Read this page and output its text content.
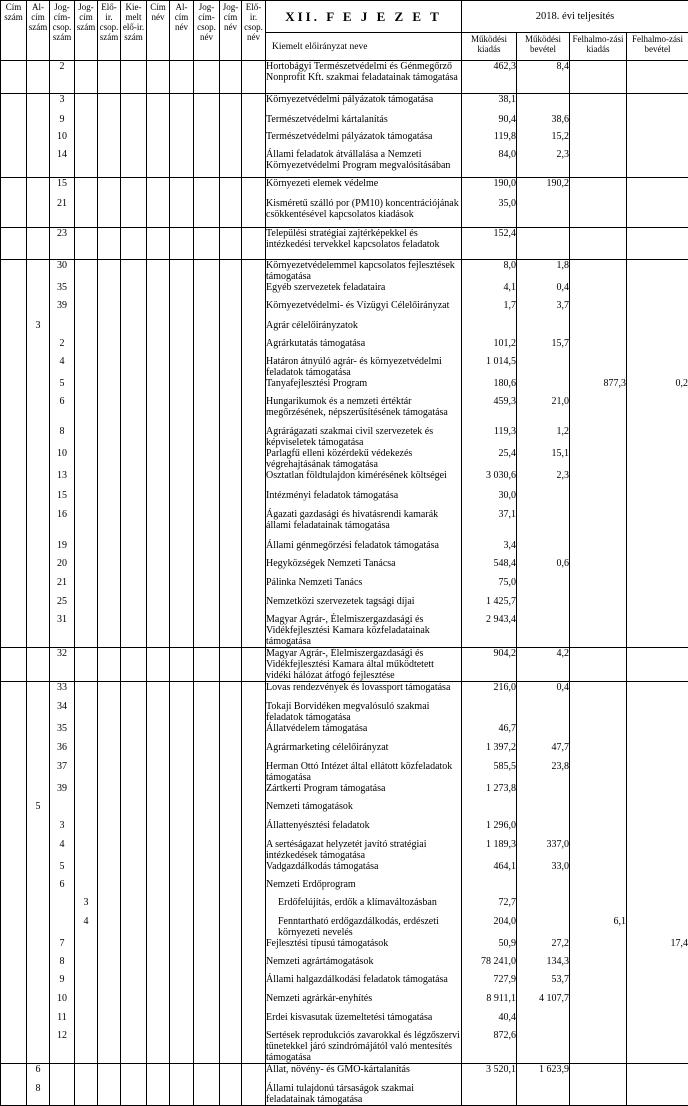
Cím szám	Al-cím szám	Jog-cím-csop. szám	Jog-cím szám	Elő-ir. csop. szám	Kie-melt elő-ir. szám	Cím név	Al-cím név	Jog-cím-csop. név	Jog-cím név	Elő-ir. csop. név	XII. F E J E Z E T	2018. évi teljesítés			
											Kiemelt előirányzat neve	Működési kiadás	Működési bevétel	Felhalmo-zási kiadás	Felhalmo-zási bevétel
		2									Hortobágyi Természetvédelmi és Génmegőrző Nonprofit Kft. szakmai feladatainak támogatása	462,3	8,4		
		3									Környezetvédelmi pályázatok támogatása	38,1			
		9									Természetvédelmi kártalanítás	90,4	38,6		
		10									Természetvédelmi pályázatok támogatása	119,8	15,2		
		14									Állami feladatok átvállalása a Nemzeti Környezetvédelmi Program megvalósításában	84,0	2,3		
		15									Környezeti elemek védelme	190,0	190,2		
		21									Kisméretű szálló por (PM10) koncentrációjának csökkentésével kapcsolatos kiadások	35,0			
		23									Települési stratégiai zajtérképekkel és intézkedési tervekkel kapcsolatos feladatok	152,4			
		30									Környezetvédelemmel kapcsolatos fejlesztések támogatása	8,0	1,8		
		35									Egyéb szervezetek feladataira	4,1	0,4		
		39									Környezetvédelmi- és Vízügyi Célelőirányzat	1,7	3,7		
	3										Agrár célelőirányzatok				
		2									Agrárkutatás támogatása	101,2	15,7		
		4									Határon átnyúló agrár- és környezetvédelmi feladatok támogatása	1 014,5			
		5									Tanyafejlesztési Program	180,6		877,3	0,2
		6									Hungarikumok és a nemzeti értéktár megőrzésének, népszerűsítésének támogatása	459,3	21,0		
		8									Agrárágazati szakmai civil szervezetek és képviseletek támogatása	119,3	1,2		
		10									Parlagfű elleni közérdekű védekezés végrehajtásának támogatása	25,4	15,1		
		13									Osztatlan földtulajdon kimérésének költségei	3 030,6	2,3		
		15									Intézményi feladatok támogatása	30,0			
		16									Ágazati gazdasági és hivatásrendi kamarák állami feladatainak támogatása	37,1			
		19									Állami génmegőrzési feladatok támogatása	3,4			
		20									Hegyközségek Nemzeti Tanácsa	548,4	0,6		
		21									Pálinka Nemzeti Tanács	75,0			
		25									Nemzetközi szervezetek tagsági díjai	1 425,7			
		31									Magyar Agrár-, Élelmiszergazdasági és Vidékfejlesztési Kamara közfeladatainak támogatása	2 943,4			
		32									Magyar Agrár-, Élelmiszergazdasági és Vidékfejlesztési Kamara által működtetett vidéki hálózat átfogó fejlesztése	904,2	4,2		
		33									Lovas rendezvények és lovassport támogatása	216,0	0,4		
		34									Tokaji Borvidéken megvalósuló szakmai feladatok támogatása				
		35									Állatvédelem támogatása	46,7			
		36									Agrármarketing célelőirányzat	1 397,2	47,7		
		37									Herman Ottó Intézet által ellátott közfeladatok támogatása	585,5	23,8		
		39									Zártkerti Program támogatása	1 273,8			
	5										Nemzeti támogatások				
		3									Állattenyésztési feladatok	1 296,0			
		4									A sertéságazat helyzetét javító stratégiai intézkedések támogatása	1 189,3	337,0		
		5									Vadgazdálkodás támogatása	464,1	33,0		
		6									Nemzeti Erdőprogram				
			3								Erdőfelújítás, erdők a klímaváltozásban	72,7			
			4								Fenntartható erdőgazdálkodás, erdészeti környezeti nevelés	204,0		6,1	
		7									Fejlesztési típusú támogatások	50,9	27,2		17,4
		8									Nemzeti agrártámogatások	78 241,0	134,3		
		9									Állami halgazdálkodási feladatok támogatása	727,9	53,7		
		10									Nemzeti agrárkár-enyhítés	8 911,1	4 107,7		
		11									Erdei kisvasutak üzemeltetési támogatása	40,4			
		12									Sertések reprodukciós zavarokkal és légzőszervi tünetekkel járó szindrómájától való mentesítés támogatása	872,6			
	6										Állat, növény- és GMO-kártalanítás	3 520,1	1 623,9		
	8										Állami tulajdonú társaságok szakmai feladatainak támogatása				
